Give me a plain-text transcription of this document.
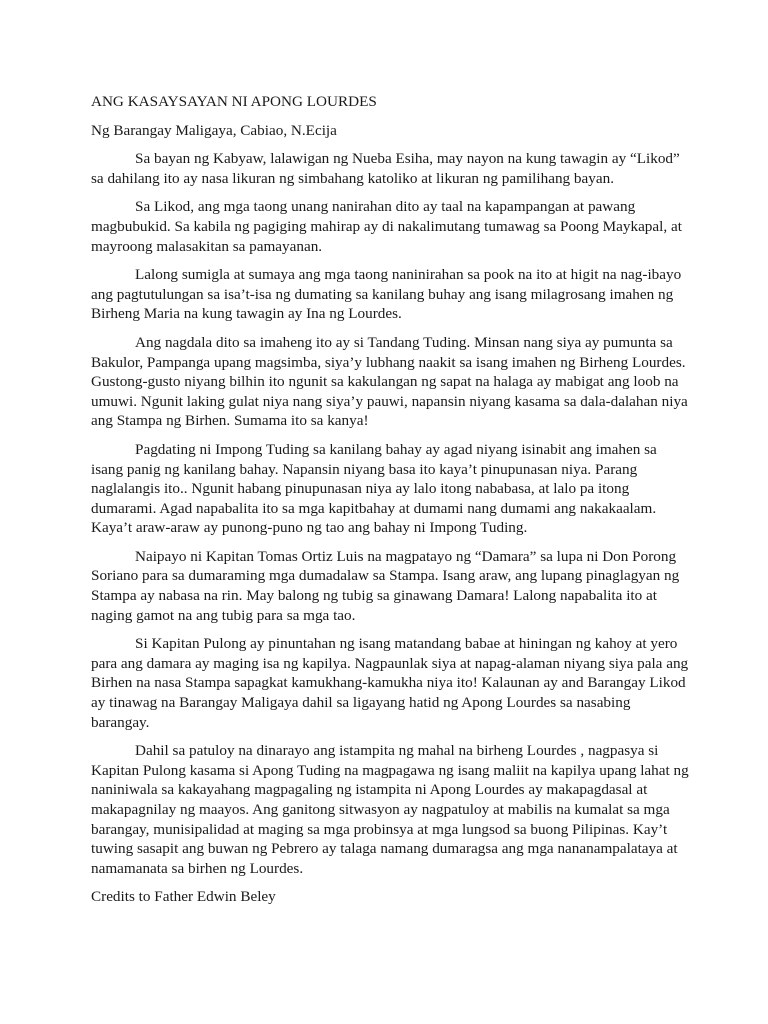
ANG KASAYSAYAN NI APONG LOURDES

Ng Barangay Maligaya, Cabiao, N.Ecija

Sa bayan ng Kabyaw, lalawigan ng Nueba Esiha, may nayon na kung tawagin ay “Likod” sa dahilang ito ay nasa likuran ng simbahang katoliko at likuran ng pamilihang bayan.

Sa Likod, ang mga taong unang nanirahan dito ay taal na kapampangan at pawang magbubukid. Sa kabila ng pagiging mahirap ay di nakalimutang tumawag sa Poong Maykapal, at mayroong malasakitan sa pamayanan.

Lalong sumigla at sumaya ang mga taong naninirahan sa pook na ito at higit na nag-ibayo ang pagtutulungan sa isa’t-isa ng dumating sa kanilang buhay ang isang milagrosang imahen ng Birheng Maria na kung tawagin ay Ina ng Lourdes.

Ang nagdala dito sa imaheng ito ay si Tandang Tuding. Minsan nang siya ay pumunta sa Bakulor, Pampanga upang magsimba, siya’y lubhang naakit sa isang imahen ng Birheng Lourdes. Gustong-gusto niyang bilhin ito ngunit sa kakulangan ng sapat na halaga ay mabigat ang loob na umuwi. Ngunit laking gulat niya nang siya’y pauwi, napansin niyang kasama sa dala-dalahan niya ang Stampa ng Birhen. Sumama ito sa kanya!

Pagdating ni Impong Tuding sa kanilang bahay ay agad niyang isinabit ang imahen sa isang panig ng kanilang bahay. Napansin niyang basa ito kaya’t pinupunasan niya. Parang naglalangis ito.. Ngunit habang pinupunasan niya ay lalo itong nababasa, at lalo pa itong dumarami. Agad napabalita ito sa mga kapitbahay at dumami nang dumami ang nakakaalam. Kaya’t araw-araw ay punong-puno ng tao ang bahay ni Impong Tuding.

Naipayo ni Kapitan Tomas Ortiz Luis na magpatayo ng “Damara” sa lupa ni Don Porong Soriano para sa dumaraming mga dumadalaw sa Stampa. Isang araw, ang lupang pinaglagyan ng Stampa ay nabasa na rin. May balong ng tubig sa ginawang Damara! Lalong napabalita ito at naging gamot na ang tubig para sa mga tao.

Si Kapitan Pulong ay pinuntahan ng isang matandang babae at hiningan ng kahoy at yero para ang damara ay maging isa ng kapilya. Nagpaunlak siya at napag-alaman niyang siya pala ang Birhen na nasa Stampa sapagkat kamukhang-kamukha niya ito! Kalaunan ay and Barangay Likod ay tinawag na Barangay Maligaya dahil sa ligayang hatid ng Apong Lourdes sa nasabing barangay.

Dahil sa patuloy na dinarayo ang istampita ng mahal na birheng Lourdes , nagpasya si Kapitan Pulong kasama si Apong Tuding na magpagawa ng isang maliit na kapilya upang lahat ng naniniwala sa kakayahang magpagaling ng istampita ni Apong Lourdes ay makapagdasal at makapagnilay ng maayos. Ang ganitong sitwasyon ay nagpatuloy at mabilis na kumalat sa mga barangay, munisipalidad at maging sa mga probinsya at mga lungsod sa buong Pilipinas. Kay’t tuwing sasapit ang buwan ng Pebrero ay talaga namang dumaragsa ang mga nananampalataya at namamanata sa birhen ng Lourdes.

Credits to Father Edwin Beley
